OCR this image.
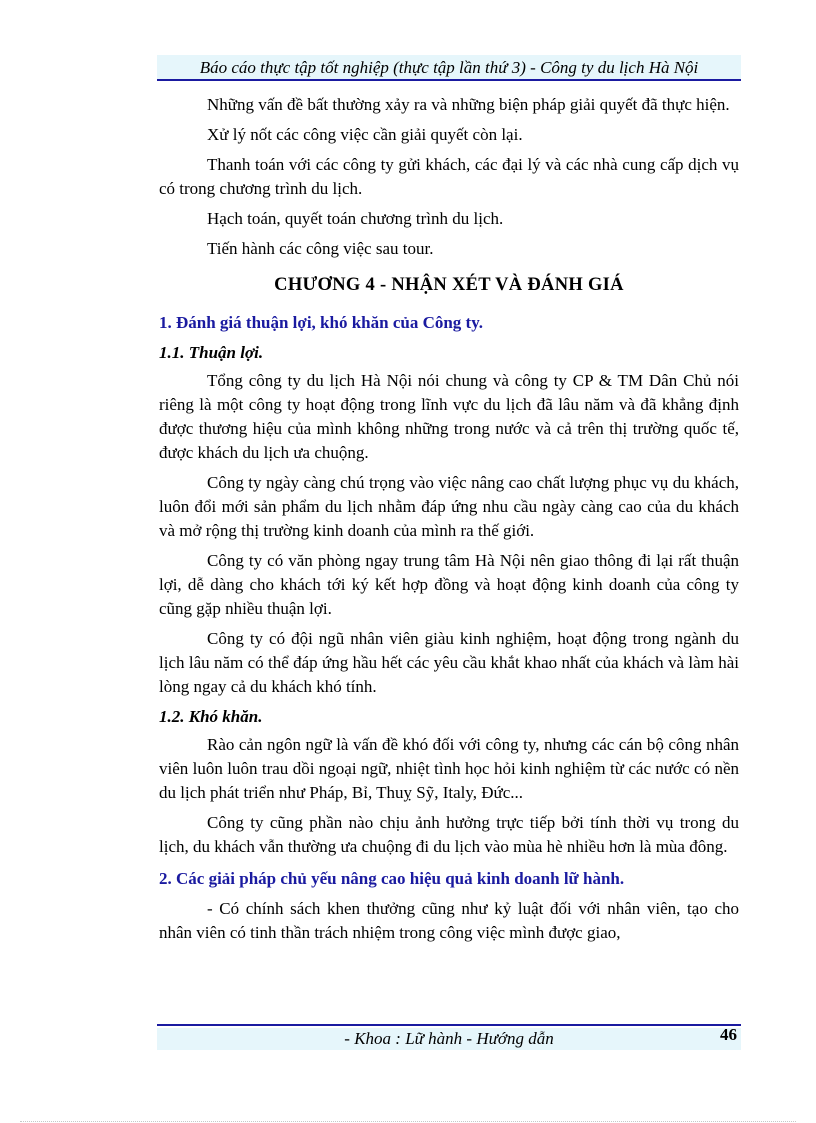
Báo cáo thực tập tốt nghiệp (thực tập lần thứ 3) - Công ty du lịch Hà Nội

Những vấn đề bất thường xảy ra và những biện pháp giải quyết đã thực hiện.

Xử lý nốt các công việc cần giải quyết còn lại.

Thanh toán với các công ty gửi khách, các đại lý và các nhà cung cấp dịch vụ có trong chương trình du lịch.

Hạch toán, quyết toán chương trình du lịch.

Tiến hành các công việc sau tour.

CHƯƠNG 4 - NHẬN XÉT VÀ ĐÁNH GIÁ
1. Đánh giá thuận lợi, khó khăn của Công ty.
1.1. Thuận lợi.

Tổng công ty du lịch Hà Nội nói chung và công ty CP & TM Dân Chủ nói riêng là một công ty hoạt động trong lĩnh vực du lịch đã lâu năm và đã khẳng định được thương hiệu của mình không những trong nước và cả trên thị trường quốc tế, được khách du lịch ưa chuộng.

Công ty ngày càng chú trọng vào việc nâng cao chất lượng phục vụ du khách, luôn đổi mới sản phẩm du lịch nhằm đáp ứng nhu cầu ngày càng cao của du khách và mở rộng thị trường kinh doanh của mình ra thế giới.

Công ty có văn phòng ngay trung tâm Hà Nội nên giao thông đi lại rất thuận lợi, dễ dàng cho khách tới ký kết hợp đồng và hoạt động kinh doanh của công ty cũng gặp nhiều thuận lợi.

Công ty có đội ngũ nhân viên giàu kinh nghiệm, hoạt động trong ngành du lịch lâu năm có thể đáp ứng hầu hết các yêu cầu khắt khao nhất của khách và làm hài lòng ngay cả du khách khó tính.

1.2. Khó khăn.

Rào cản ngôn ngữ là vấn đề khó đối với công ty, nhưng các cán bộ công nhân viên luôn luôn trau dồi ngoại ngữ, nhiệt tình học hỏi kinh nghiệm từ các nước có nền du lịch phát triển như Pháp, Bỉ, Thuỵ Sỹ, Italy, Đức...

Công ty cũng phần nào chịu ảnh hưởng trực tiếp bởi tính thời vụ trong du lịch, du khách vẫn thường ưa chuộng đi du lịch vào mùa hè nhiều hơn là mùa đông.

2. Các giải pháp chủ yếu nâng cao hiệu quả kinh doanh lữ hành.

- Có chính sách khen thưởng cũng như kỷ luật đối với nhân viên, tạo cho nhân viên có tinh thần trách nhiệm trong công việc mình được giao,

- Khoa : Lữ hành - Hướng dẫn	46
